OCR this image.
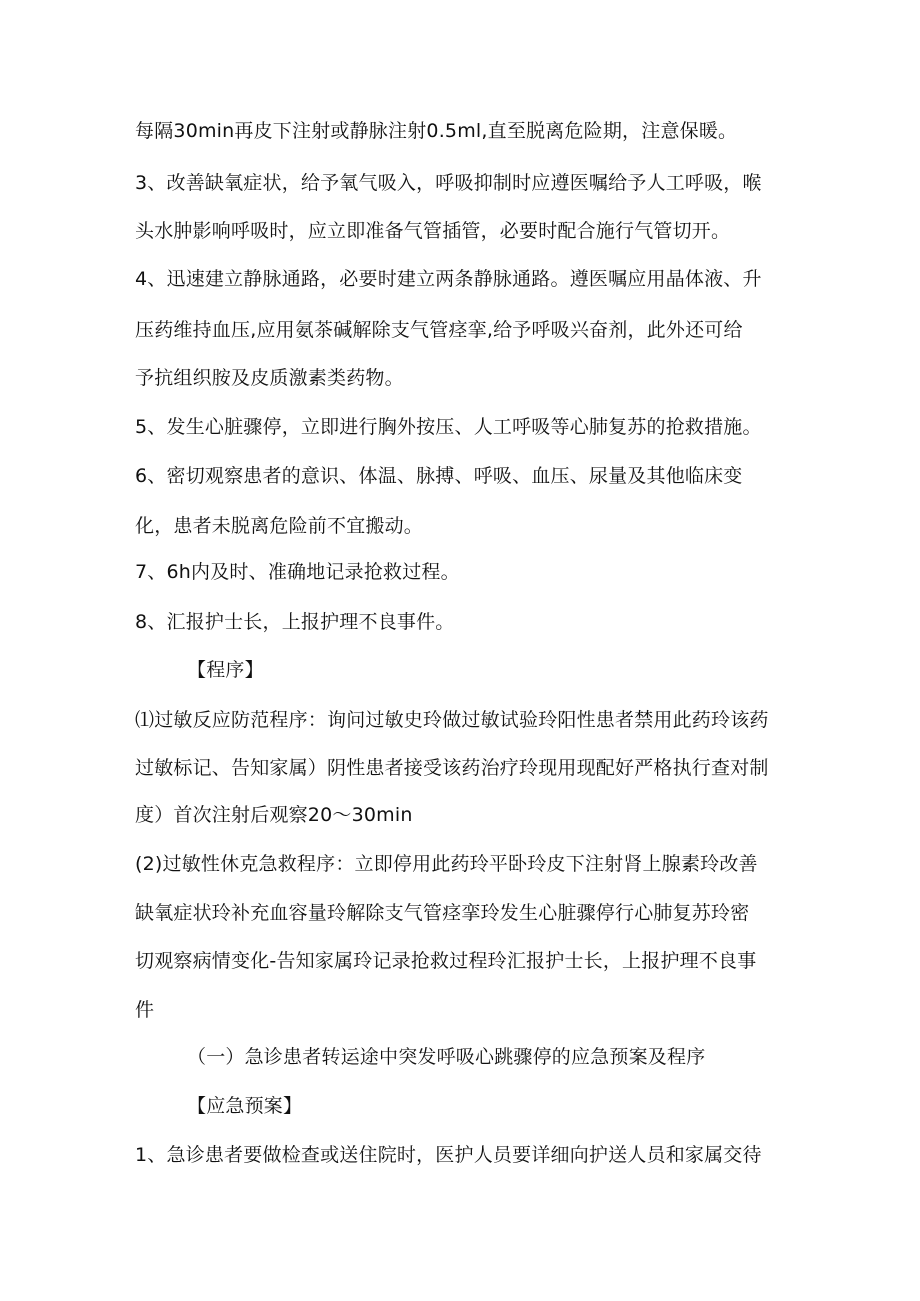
每隔30min再皮下注射或静脉注射0.5ml,直至脱离危险期，注意保暖。
3、改善缺氧症状，给予氧气吸入，呼吸抑制时应遵医嘱给予人工呼吸，喉
头水肿影响呼吸时，应立即准备气管插管，必要时配合施行气管切开。
4、迅速建立静脉通路，必要时建立两条静脉通路。遵医嘱应用晶体液、升
压药维持血压,应用氨茶碱解除支气管痉挛,给予呼吸兴奋剂，此外还可给
予抗组织胺及皮质激素类药物。
5、发生心脏骤停，立即进行胸外按压、人工呼吸等心肺复苏的抢救措施。
6、密切观察患者的意识、体温、脉搏、呼吸、血压、尿量及其他临床变
化，患者未脱离危险前不宜搬动。
7、6h内及时、准确地记录抢救过程。
8、汇报护士长，上报护理不良事件。
【程序】
⑴过敏反应防范程序：询问过敏史玲做过敏试验玲阳性患者禁用此药玲该药
过敏标记、告知家属）阴性患者接受该药治疗玲现用现配好严格执行查对制
度）首次注射后观察20〜30min
(2)过敏性休克急救程序：立即停用此药玲平卧玲皮下注射肾上腺素玲改善
缺氧症状玲补充血容量玲解除支气管痉挛玲发生心脏骤停行心肺复苏玲密
切观察病情变化-告知家属玲记录抢救过程玲汇报护士长，上报护理不良事
件
（一）急诊患者转运途中突发呼吸心跳骤停的应急预案及程序
【应急预案】
1、急诊患者要做检查或送住院时，医护人员要详细向护送人员和家属交待
